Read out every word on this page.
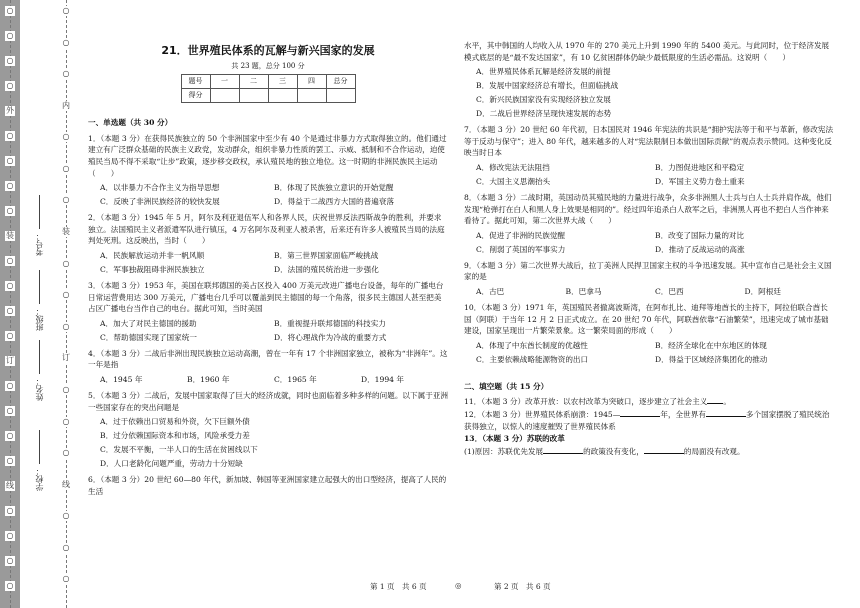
○
○
○
○
外
○
○
○
○
装
○
○
○
○
订
○
○
○
○
线
○
○
○
○
○
○
○
内
○
○
○
装
○
○
○
订
○
○
○
线
○
○
○
学校：
姓名：
班级：
考号：
21．世界殖民体系的瓦解与新兴国家的发展
共 23 题，总分 100 分
题号	一	二	三	四	总分
得分					
一、单选题（共 30 分）
1．（本题 3 分）在获得民族独立的 50 个非洲国家中至少有 40 个是通过非暴力方式取得独立的。他们通过建立有广泛群众基础的民族主义政党，发动群众，组织非暴力性质的罢工、示威、抵制和不合作运动，迫使殖民当局不得不采取“让步”政策，逐步移交政权，承认殖民地的独立地位。这一时期的非洲民族民主运动（　　）
A．以非暴力不合作主义为指导思想	B．体现了民族独立意识的开始觉醒
C．反映了非洲民族经济的较快发展	D．得益于二战西方大国的普遍衰落
2．（本题 3 分）1945 年 5 月，阿尔及利亚退伍军人和各界人民，庆祝世界反法西斯战争的胜利，并要求独立。法国殖民主义者派遣军队进行镇压，4 万名阿尔及利亚人被杀害，后来还有许多人被殖民当局的法庭判处死刑。这反映出，当时（　　）
A．民族解放运动并非一帆风顺	B．第三世界国家面临严峻挑战
C．军事独裁阻碍非洲民族独立	D．法国的殖民统治进一步强化
3．（本题 3 分）1953 年，美国在联邦德国的美占区投入 400 万美元改进广播电台设备，每年的广播电台日常运营费用达 300 万美元，广播电台几乎可以覆盖到民主德国的每一个角落，很多民主德国人甚至把美占区广播电台当作自己的电台。据此可知，当时美国
A．加大了对民主德国的援助	B．重视提升联邦德国的科技实力
C．帮助德国实现了国家统一	D．将心理战作为冷战的重要方式
4．（本题 3 分）二战后非洲出现民族独立运动高潮，曾在一年有 17 个非洲国家独立，被称为“非洲年”。这一年是指
A．1945 年	B．1960 年	C．1965 年	D．1994 年
5．（本题 3 分）二战后，发展中国家取得了巨大的经济成就，同时也面临着多种多样的问题。以下属于亚洲一些国家存在的突出问题是
A．过于依赖出口贸易和外资，欠下巨额外债
B．过分依赖国际资本和市场，风险承受力差
C．发展不平衡，一半人口的生活在贫困线以下
D．人口老龄化问题严重，劳动力十分短缺
6．（本题 3 分）20 世纪 60—80 年代，新加坡、韩国等亚洲国家建立起强大的出口型经济，提高了人民的生活
水平，其中韩国的人均收入从 1970 年的 270 美元上升到 1990 年的 5400 美元。与此同时，位于经济发展模式底层的是“最不发达国家”，有 10 亿贫困群体仍缺少最低限度的生活必需品。这说明（　　）
A．世界殖民体系瓦解是经济发展的前提
B．发展中国家经济总有增长，但面临挑战
C．新兴民族国家没有实现经济独立发展
D．二战后世界经济呈现快速发展的态势
7．（本题 3 分）20 世纪 60 年代初，日本国民对 1946 年宪法的共识是“拥护宪法等于和平与革新，修改宪法等于反动与保守”；进入 80 年代，越来越多的人对“宪法限制日本做出国际贡献”的观点表示赞同。这种变化反映当时日本
A．修改宪法无法阻挡	B．力图促进地区和平稳定
C．大国主义思潮抬头	D．军国主义势力卷土重来
8．（本题 3 分）二战时期，英国动员其殖民地的力量进行战争，众多非洲黑人士兵与白人士兵并肩作战，他们发现“枪弹打在白人和黑人身上效果是相同的”。经过四年追杀白人敌军之后，非洲黑人再也不把白人当作神来看待了。据此可知，第二次世界大战（　　）
A．促进了非洲的民族觉醒	B．改变了国际力量的对比
C．削弱了英国的军事实力	D．推动了反战运动的高涨
9．（本题 3 分）第二次世界大战后，拉丁美洲人民捍卫国家主权的斗争迅速发展。其中宣布自己是社会主义国家的是
A．古巴	B．巴拿马	C．巴西	D．阿根廷
10．（本题 3 分）1971 年，英国殖民者撤离波斯湾，在阿布扎比、迪拜等地酋长的主持下，阿拉伯联合酋长国（阿联）于当年 12 月 2 日正式成立。在 20 世纪 70 年代，阿联酋依靠“石油繁荣”，迅速完成了城市基础建设，国家呈现出一片繁荣景象。这一繁荣局面的形成（　　）
A．体现了中东酋长制度的优越性	B．经济全球化在中东地区的体现
C．主要依赖战略能源物资的出口	D．得益于区域经济集团化的推动
二、填空题（共 15 分）
11．（本题 3 分）改革开放：以农村改革为突破口，逐步建立了社会主义 。
12．（本题 3 分）世界殖民体系崩溃：1945—	年，全世界有	多个国家摆脱了殖民统治获得独立，以惊人的速度摧毁了世界殖民体系
13．（本题 3 分）苏联的改革
(1)原因：苏联优先发展	的政策没有变化，	的局面没有改观。
第 1 页　共 6 页	◎	第 2 页　共 6 页
